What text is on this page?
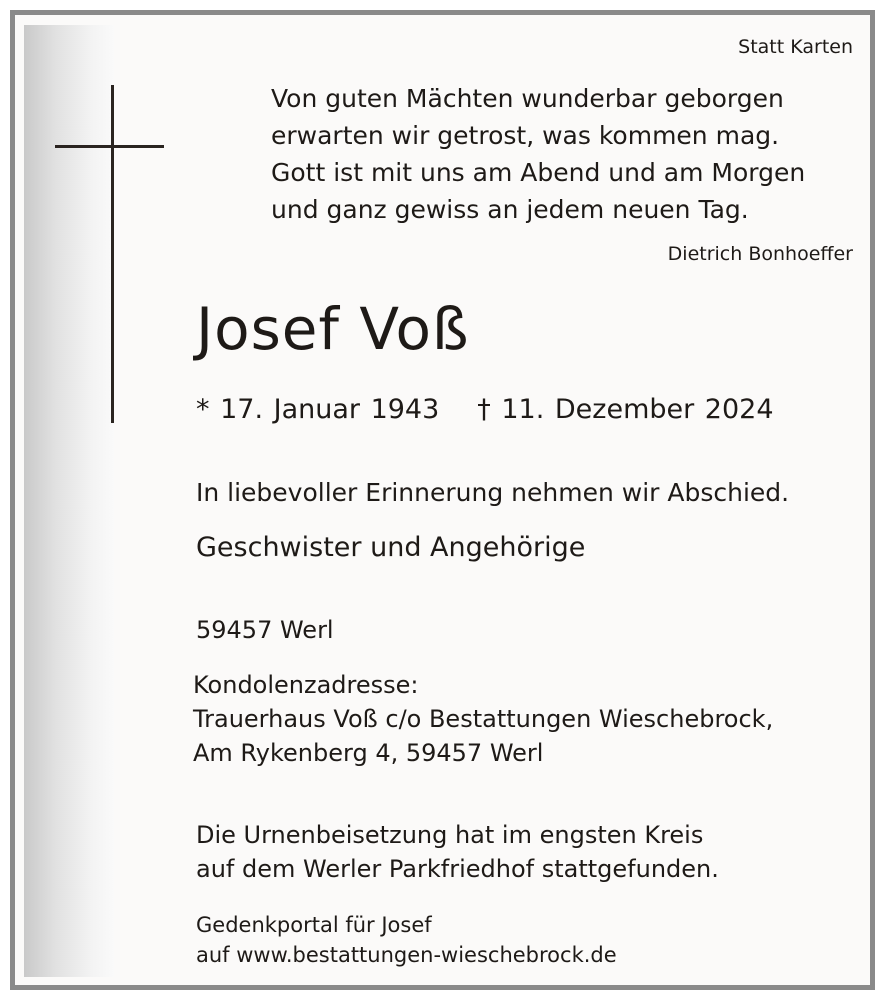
Statt Karten
Von guten Mächten wunderbar geborgen
erwarten wir getrost, was kommen mag.
Gott ist mit uns am Abend und am Morgen
und ganz gewiss an jedem neuen Tag.
Dietrich Bonhoeffer
Josef Voß
* 17. Januar 1943 † 11. Dezember 2024
In liebevoller Erinnerung nehmen wir Abschied.
Geschwister und Angehörige
59457 Werl
Kondolenzadresse:
Trauerhaus Voß c/o Bestattungen Wieschebrock,
Am Rykenberg 4, 59457 Werl
Die Urnenbeisetzung hat im engsten Kreis
auf dem Werler Parkfriedhof stattgefunden.
Gedenkportal für Josef
auf www.bestattungen-wieschebrock.de
